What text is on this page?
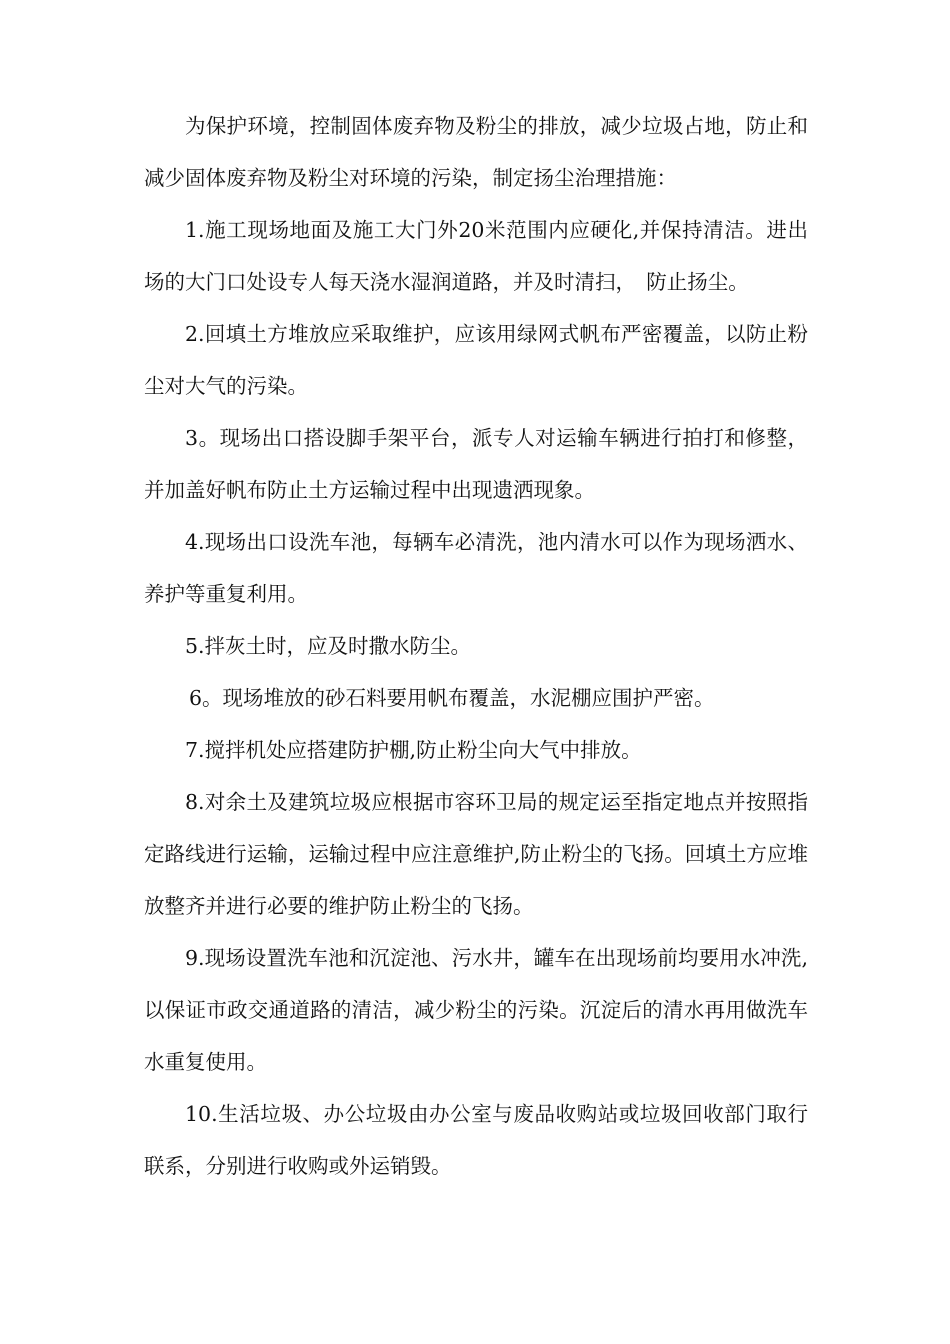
为保护环境，控制固体废弃物及粉尘的排放，减少垃圾占地，防止和减少固体废弃物及粉尘对环境的污染，制定扬尘治理措施：

1.施工现场地面及施工大门外20米范围内应硬化,并保持清洁。进出场的大门口处设专人每天浇水湿润道路，并及时清扫，　防止扬尘。

2.回填土方堆放应采取维护，应该用绿网式帆布严密覆盖，以防止粉尘对大气的污染。

3。现场出口搭设脚手架平台，派专人对运输车辆进行拍打和修整，并加盖好帆布防止土方运输过程中出现遗洒现象。

4.现场出口设洗车池，每辆车必清洗，池内清水可以作为现场洒水、养护等重复利用。

5.拌灰土时，应及时撒水防尘。

6。现场堆放的砂石料要用帆布覆盖，水泥棚应围护严密。

7.搅拌机处应搭建防护棚,防止粉尘向大气中排放。

8.对余土及建筑垃圾应根据市容环卫局的规定运至指定地点并按照指定路线进行运输，运输过程中应注意维护,防止粉尘的飞扬。回填土方应堆放整齐并进行必要的维护防止粉尘的飞扬。

9.现场设置洗车池和沉淀池、污水井，罐车在出现场前均要用水冲洗,以保证市政交通道路的清洁，减少粉尘的污染。沉淀后的清水再用做洗车水重复使用。

10.生活垃圾、办公垃圾由办公室与废品收购站或垃圾回收部门取行联系，分别进行收购或外运销毁。
